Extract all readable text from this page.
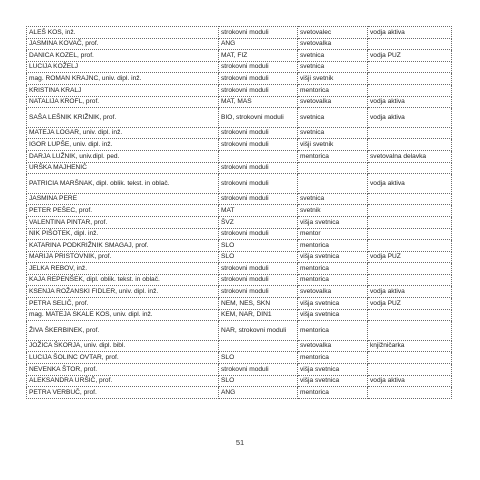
ALEŠ KOS, inž.	strokovni moduli	svetovalec	vodja aktiva
JASMINA KOVAČ, prof.	ANG	svetovalka	
DANICA KOZEL, prof.	MAT, FIZ	svetnica	vodja PUZ
LUCIJA KOŽELJ	strokovni moduli	svetnica	
mag. ROMAN KRAJNC, univ. dipl. inž.	strokovni moduli	višji svetnik	
KRISTINA KRALJ	strokovni moduli	mentorica	
NATALIJA KROFL, prof.	MAT, MAS	svetovalka	vodja aktiva
SAŠA LEŠNIK KRIŽNIK, prof.	BIO, strokovni moduli	svetnica	vodja aktiva
MATEJA LOGAR, univ. dipl. inž.	strokovni moduli	svetnica	
IGOR LUPŠE, univ. dipl. inž.	strokovni moduli	višji svetnik	
DARJA LUŽNIK, univ.dipl. ped.		mentorica	svetovalna delavka
URŠKA MAJHENIČ	strokovni moduli		
PATRICIA MARŠNAK, dipl. oblik. tekst. in oblač.	strokovni moduli		vodja aktiva
JASMINA PERE	strokovni moduli	svetnica	
PETER PEŠEC, prof.	MAT	svetnik	
VALENTINA PINTAR, prof.	ŠVZ	višja svetnica	
NIK PIŠOTEK, dipl. inž.	strokovni moduli	mentor	
KATARINA PODKRIŽNIK SMAGAJ, prof.	SLO	mentorica	
MARIJA PRISTOVNIK, prof.	SLO	višja svetnica	vodja PUZ
JELKA REBOV, inž.	strokovni moduli	mentorica	
KAJA REPENŠEK, dipl. oblik. tekst. in oblač.	strokovni moduli	mentorica	
KSENJA ROŽANSKI FIDLER, univ. dipl. inž.	strokovni moduli	svetovalka	vodja aktiva
PETRA SELIČ, prof.	NEM, NES, SKN	višja svetnica	vodja PUZ
mag. MATEJA SKALE KOS, univ. dipl. inž.	KEM, NAR, DIN1	višja svetnica	
ŽIVA ŠKERBINEK, prof.	NAR, strokovni moduli	mentorica	
JOŽICA ŠKORJA, univ. dipl. bibl.		svetovalka	knjižničarka
LUCIJA ŠOLINC OVTAR, prof.	SLO	mentorica	
NEVENKA ŠTOR, prof.	strokovni moduli	višja svetnica	
ALEKSANDRA URŠIČ, prof.	SLO	višja svetnica	vodja aktiva
PETRA VERBUČ, prof.	ANG	mentorica	
51
